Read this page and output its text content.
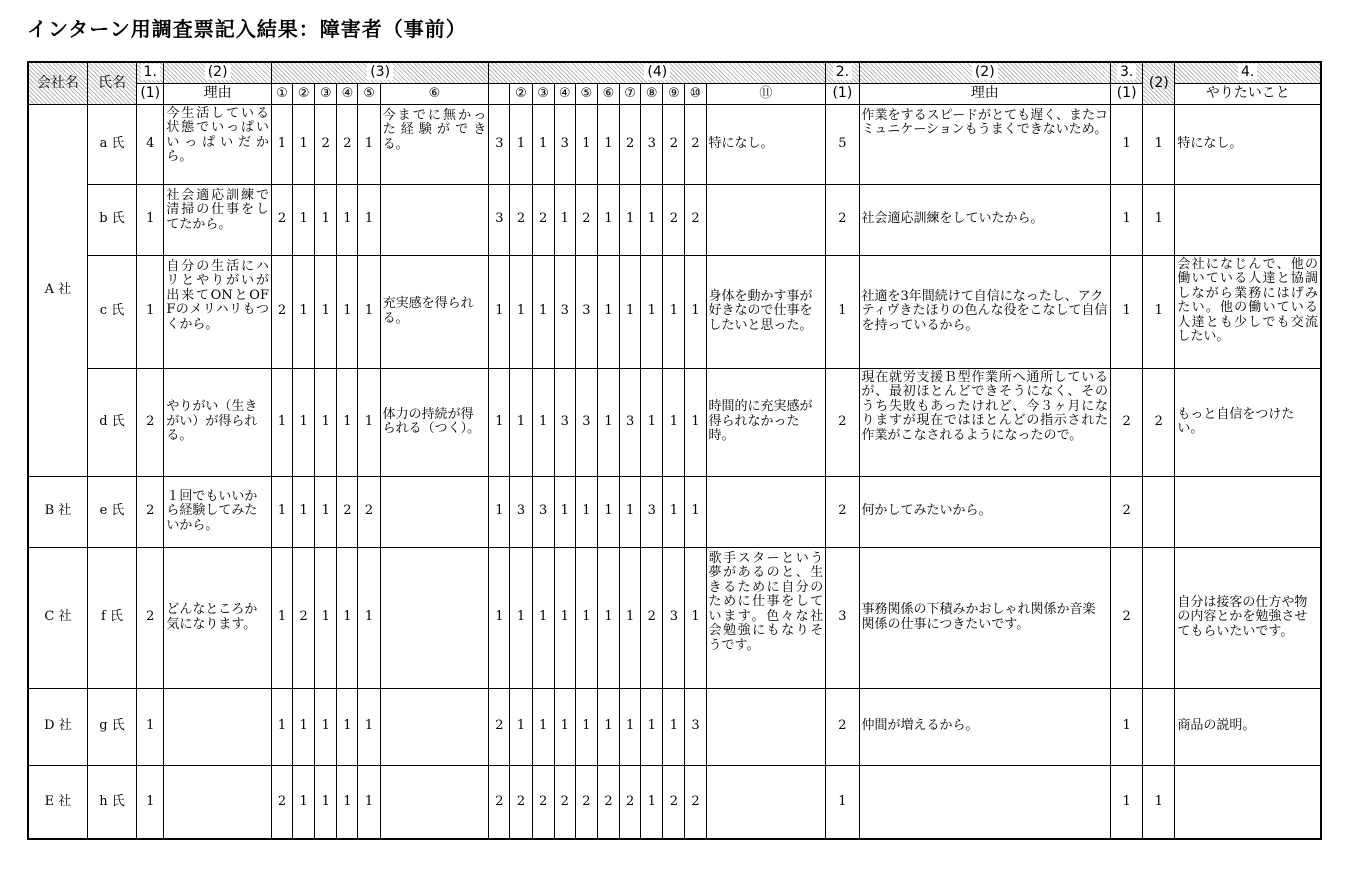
インターン用調査票記入結果：障害者（事前）
会社名	氏名	1.	(2)	(3)						(4)											2.	(2)	3.	(2)	4.
		(1)	理由	①	②	③	④	⑤	⑥		②	③	④	⑤	⑥	⑦	⑧	⑨	⑩	⑪	(1)	理由	(1)		やりたいこと
A 社	a 氏	4	今生活している状態でいっぱいいっぱいだから。	1	1	2	2	1	今までに無かった経験ができる。	3	1	1	3	1	1	2	3	2	2	特になし。	5	作業をするスピードがとても遅く、またコミュニケーションもうまくできないため。	1	1	特になし。
	b 氏	1	社会適応訓練で清掃の仕事をしてたから。	2	1	1	1	1		3	2	2	1	2	1	1	1	2	2		2	社会適応訓練をしていたから。	1	1	
	c 氏	1	自分の生活にハリとやりがいが出来てONとOFFのメリハリもつくから。	2	1	1	1	1	充実感を得られる。	1	1	1	3	3	1	1	1	1	1	身体を動かす事が好きなので仕事をしたいと思った。	1	社適を3年間続けて自信になったし、アクティヴきたほりの色んな役をこなして自信を持っているから。	1	1	会社になじんで、他の働いている人達と協調しながら業務にはげみたい。他の働いている人達とも少しでも交流したい。
	d 氏	2	やりがい（生きがい）が得られる。	1	1	1	1	1	体力の持続が得られる（つく）。	1	1	1	3	3	1	3	1	1	1	時間的に充実感が得られなかった時。	2	現在就労支援Ｂ型作業所へ通所しているが、最初ほとんどできそうになく、そのうち失敗もあったけれど、今３ヶ月になりますが現在ではほとんどの指示された作業がこなされるようになったので。	2	2	もっと自信をつけたい。
B 社	e 氏	2	１回でもいいから経験してみたいから。	1	1	1	2	2		1	3	3	1	1	1	1	3	1	1		2	何かしてみたいから。	2		
C 社	f 氏	2	どんなところか気になります。	1	2	1	1	1		1	1	1	1	1	1	1	2	3	1	歌手スターという夢があるのと、生きるために自分のために仕事をしています。色々な社会勉強にもなりそうです。	3	事務関係の下積みかおしゃれ関係か音楽関係の仕事につきたいです。	2		自分は接客の仕方や物の内容とかを勉強させてもらいたいです。
D 社	g 氏	1		1	1	1	1	1		2	1	1	1	1	1	1	1	1	3		2	仲間が増えるから。	1		商品の説明。
E 社	h 氏	1		2	1	1	1	1		2	2	2	2	2	2	2	1	2	2		1		1	1	
